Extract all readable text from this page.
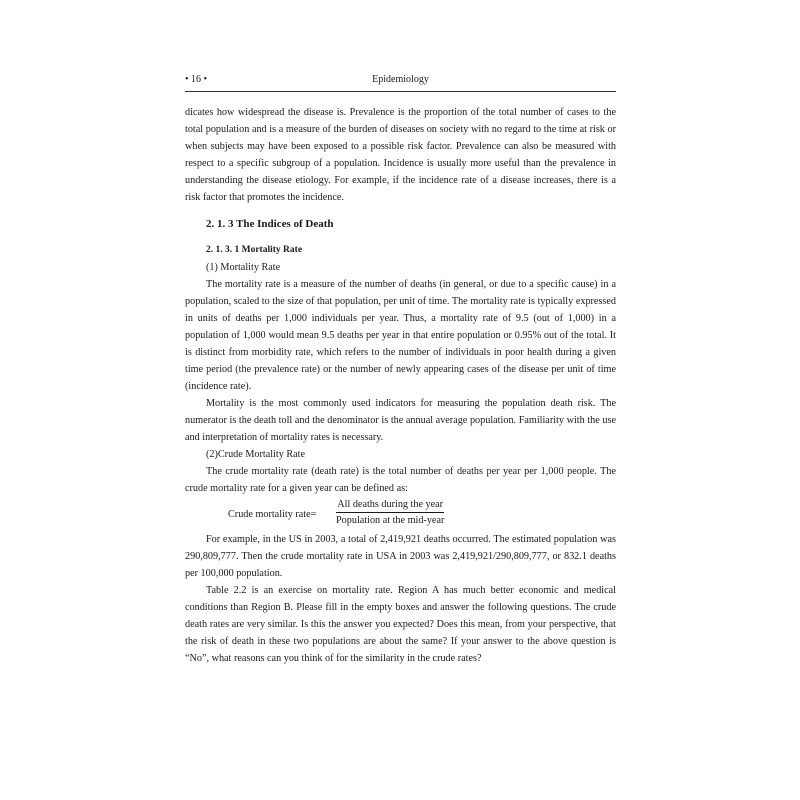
• 16 •	Epidemiology

dicates how widespread the disease is. Prevalence is the proportion of the total number of cases to the total population and is a measure of the burden of diseases on society with no regard to the time at risk or when subjects may have been exposed to a possible risk factor. Prevalence can also be measured with respect to a specific subgroup of a population. Incidence is usually more useful than the prevalence in understanding the disease etiology. For example, if the incidence rate of a disease increases, there is a risk factor that promotes the incidence.

2. 1. 3 The Indices of Death

2. 1. 3. 1 Mortality Rate

(1) Mortality Rate

The mortality rate is a measure of the number of deaths (in general, or due to a specific cause) in a population, scaled to the size of that population, per unit of time. The mortality rate is typically expressed in units of deaths per 1,000 individuals per year. Thus, a mortality rate of 9.5 (out of 1,000) in a population of 1,000 would mean 9.5 deaths per year in that entire population or 0.95% out of the total. It is distinct from morbidity rate, which refers to the number of individuals in poor health during a given time period (the prevalence rate) or the number of newly appearing cases of the disease per unit of time (incidence rate).

Mortality is the most commonly used indicators for measuring the population death risk. The numerator is the death toll and the denominator is the annual average population. Familiarity with the use and interpretation of mortality rates is necessary.

(2)Crude Mortality Rate

The crude mortality rate (death rate) is the total number of deaths per year per 1,000 people. The crude mortality rate for a given year can be defined as:

Crude mortality rate=
All deaths during the year
Population at the mid-year

For example, in the US in 2003, a total of 2,419,921 deaths occurred. The estimated population was 290,809,777. Then the crude mortality rate in USA in 2003 was 2,419,921/290,809,777, or 832.1 deaths per 100,000 population.

Table 2.2 is an exercise on mortality rate. Region A has much better economic and medical conditions than Region B. Please fill in the empty boxes and answer the following questions. The crude death rates are very similar. Is this the answer you expected? Does this mean, from your perspective, that the risk of death in these two populations are about the same? If your answer to the above question is “No”, what reasons can you think of for the similarity in the crude rates?
